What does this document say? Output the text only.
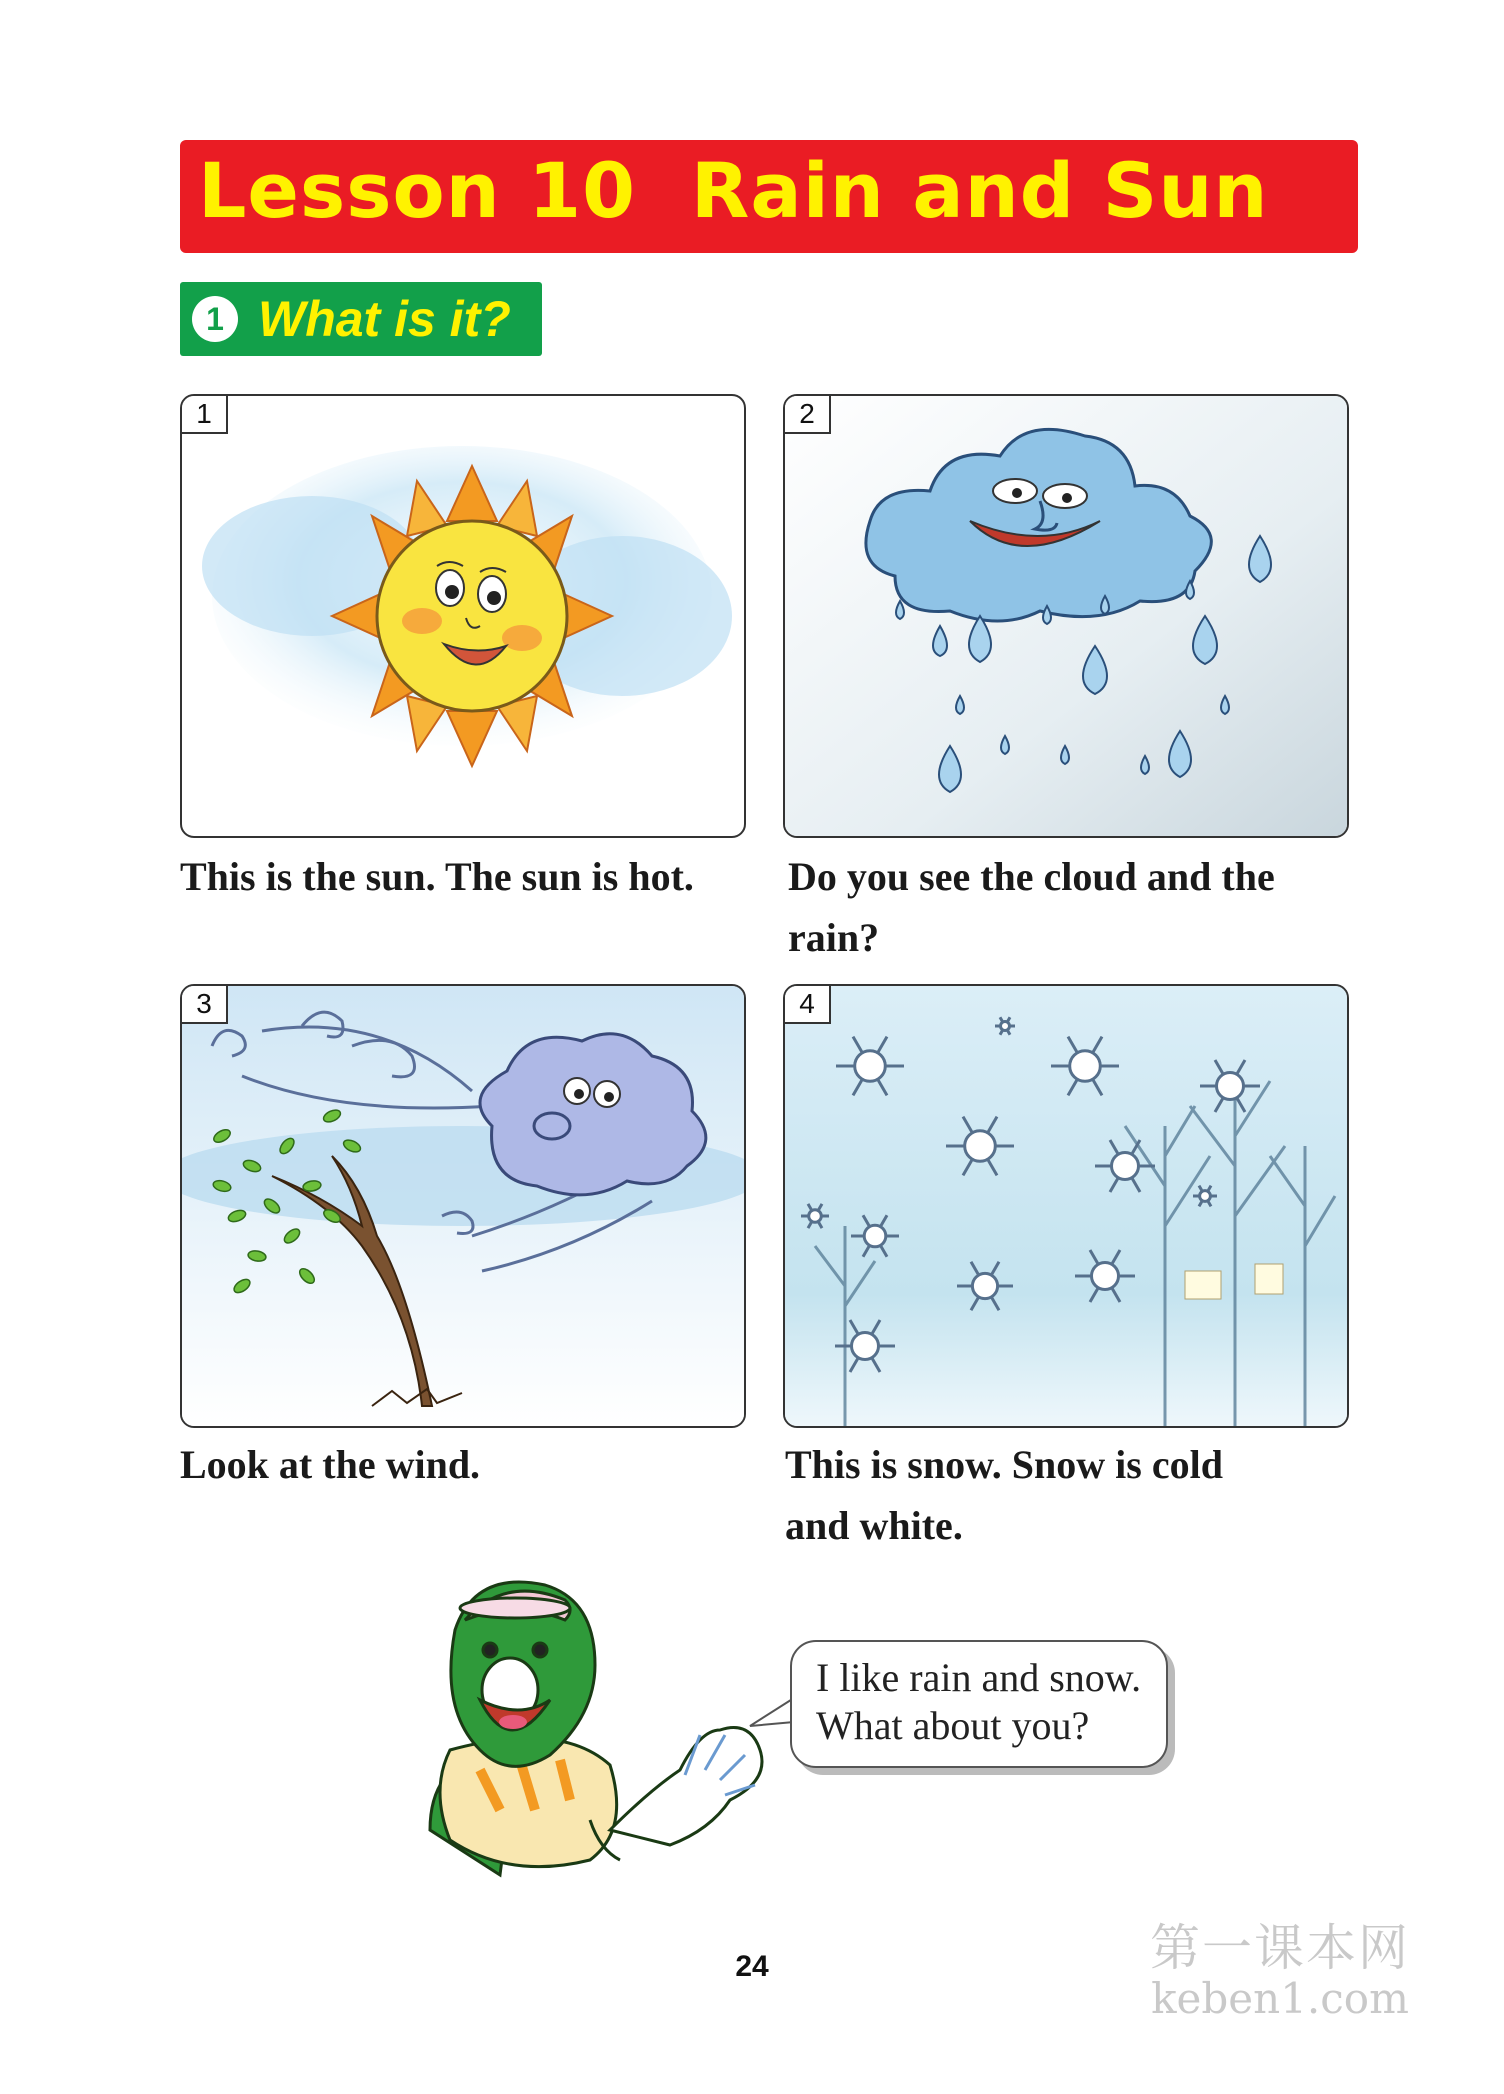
Lesson 10  Rain and Sun
1 What is it?
1
This is the sun. The sun is hot.
2
Do you see the cloud and the
rain?
3
Look at the wind.
4
This is snow. Snow is cold
and white.
I like rain and snow.
What about you?
24	第一课本网
keben1.com
